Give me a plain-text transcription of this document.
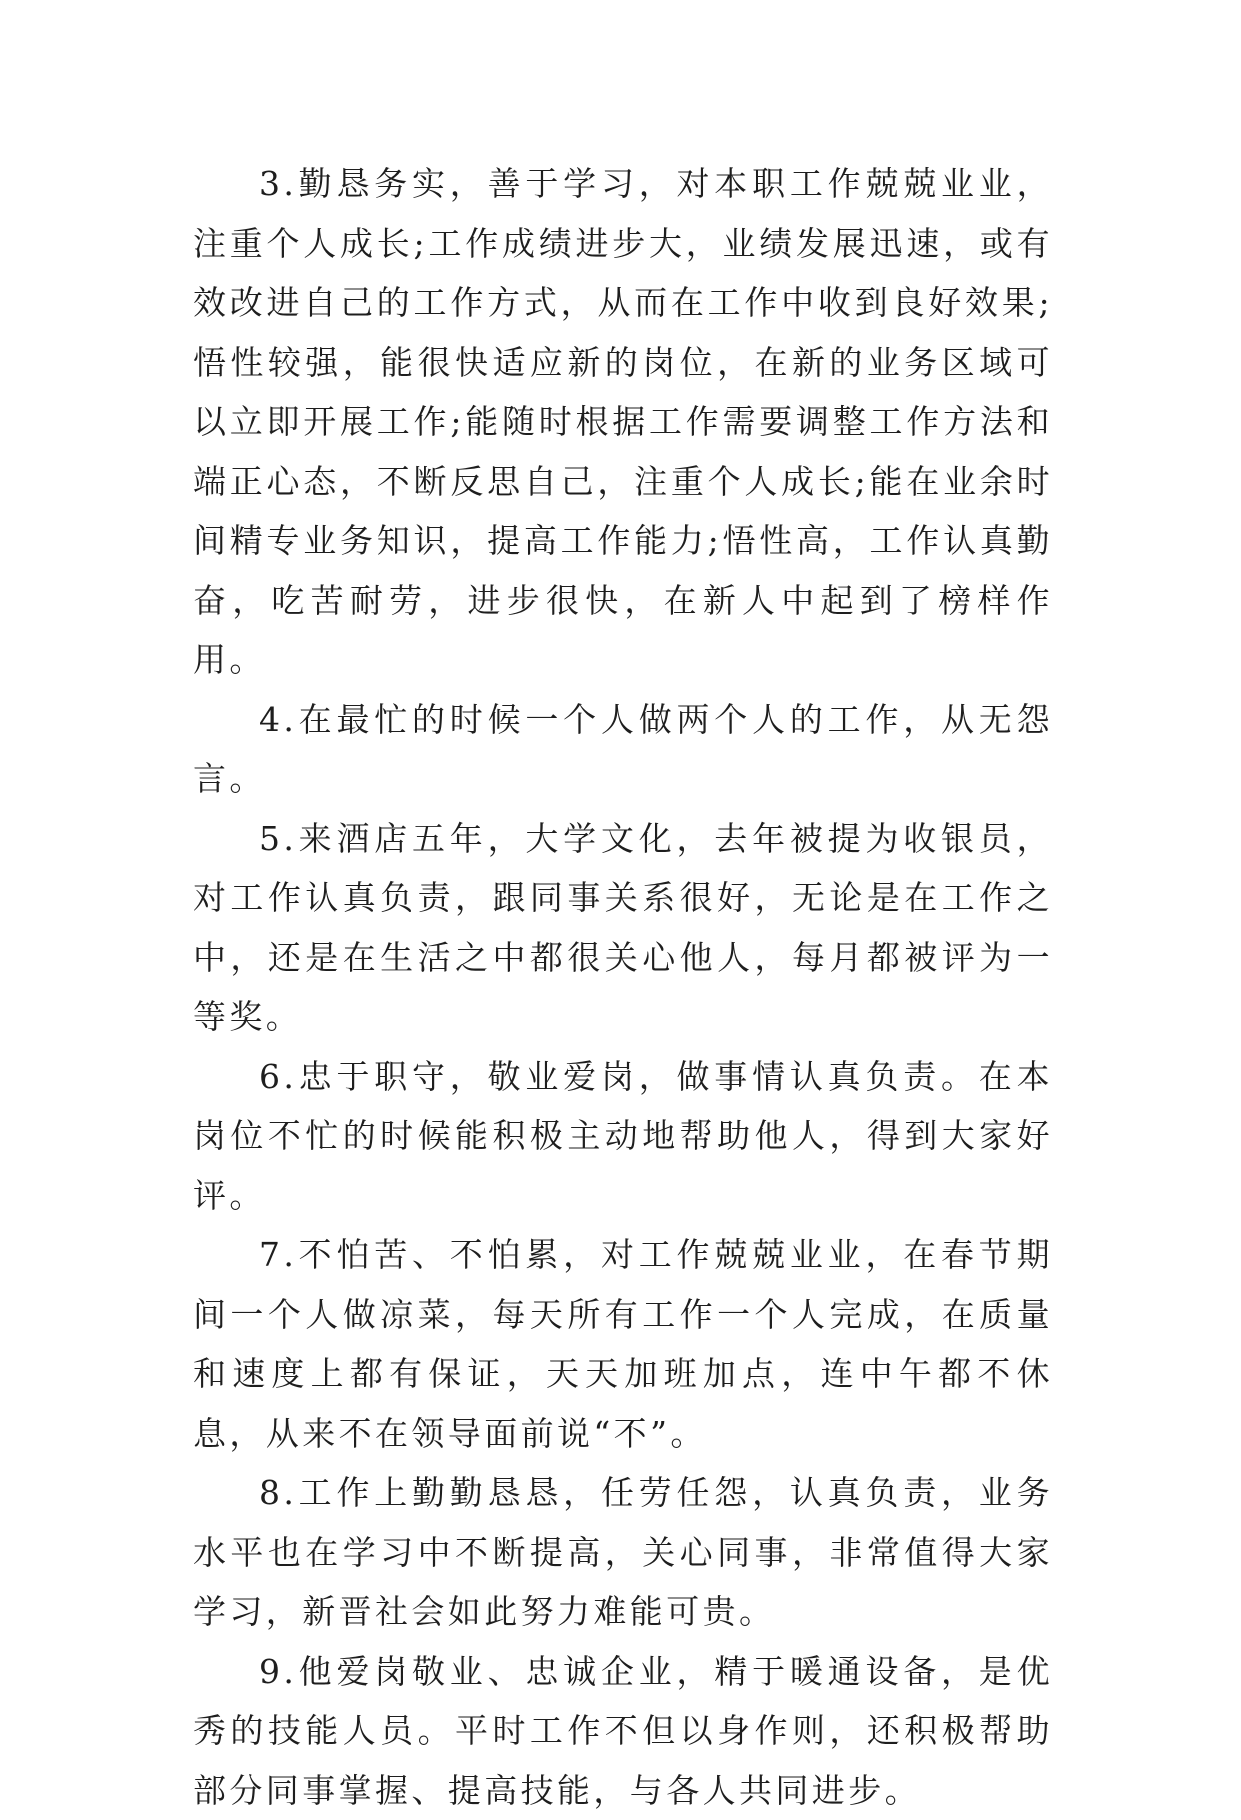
3.勤恳务实，善于学习，对本职工作兢兢业业，注重个人成长;工作成绩进步大，业绩发展迅速，或有效改进自己的工作方式，从而在工作中收到良好效果;悟性较强，能很快适应新的岗位，在新的业务区域可以立即开展工作;能随时根据工作需要调整工作方法和端正心态，不断反思自己，注重个人成长;能在业余时间精专业务知识，提高工作能力;悟性高，工作认真勤奋，吃苦耐劳，进步很快，在新人中起到了榜样作用。

4.在最忙的时候一个人做两个人的工作，从无怨言。

5.来酒店五年，大学文化，去年被提为收银员，对工作认真负责，跟同事关系很好，无论是在工作之中，还是在生活之中都很关心他人，每月都被评为一等奖。

6.忠于职守，敬业爱岗，做事情认真负责。在本岗位不忙的时候能积极主动地帮助他人，得到大家好评。

7.不怕苦、不怕累，对工作兢兢业业，在春节期间一个人做凉菜，每天所有工作一个人完成，在质量和速度上都有保证，天天加班加点，连中午都不休息，从来不在领导面前说“不”。

8.工作上勤勤恳恳，任劳任怨，认真负责，业务水平也在学习中不断提高，关心同事，非常值得大家学习，新晋社会如此努力难能可贵。

9.他爱岗敬业、忠诚企业，精于暖通设备，是优秀的技能人员。平时工作不但以身作则，还积极帮助部分同事掌握、提高技能，与各人共同进步。
